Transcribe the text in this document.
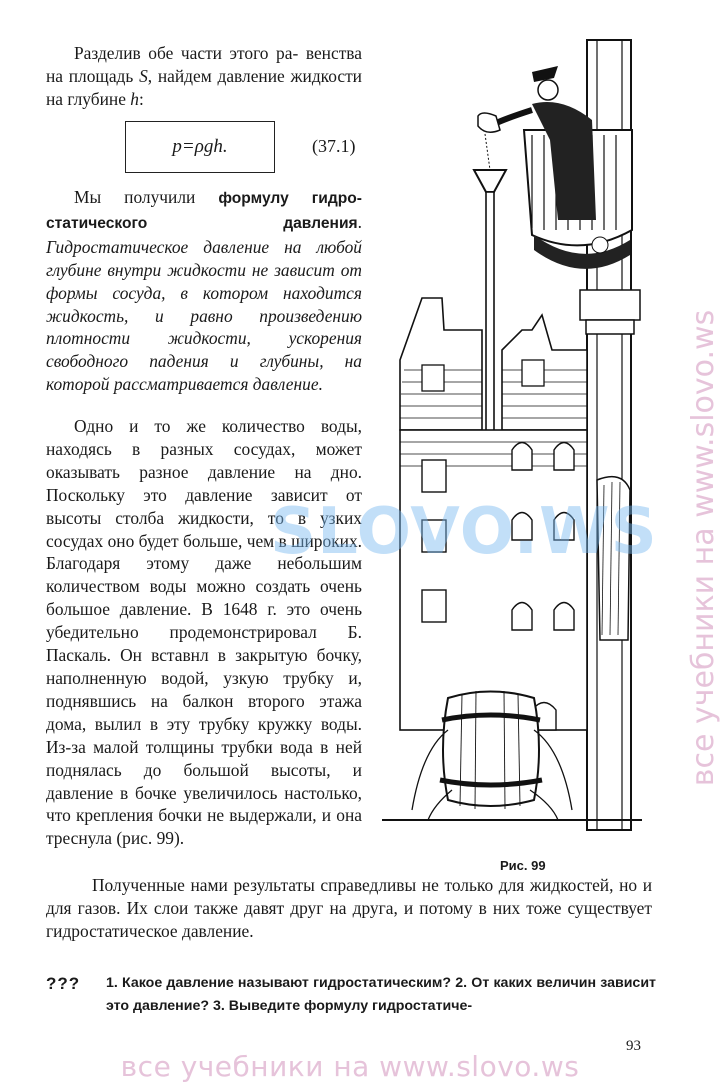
Разделив обе части этого ра- венства на площадь S, найдем давление жидкости на глубине h:

p=ρgh.	(37.1)

Мы получили формулу гидро- статического давления. Гидростатическое давление на любой глубине внутри жидкости не зависит от формы сосуда, в котором находится жидкость, и равно произведению плотности жидкости, ускорения свободного падения и глубины, на которой рассматривается давление.

Одно и то же количество воды, находясь в разных сосудах, может оказывать разное давление на дно. Поскольку это давление зависит от высоты столба жидкости, то в узких сосудах оно будет больше, чем в широких. Благодаря этому даже небольшим количеством воды можно создать очень большое давление. В 1648 г. это очень убедительно продемонстрировал Б. Паскаль. Он вставнл в закрытую бочку, наполненную водой, узкую трубку и, поднявшись на балкон второго этажа дома, вылил в эту трубку кружку воды. Из-за малой толщины трубки вода в ней поднялась до большой высоты, и давление в бочке увеличилось настолько, что крепления бочки не выдержали, и она треснула (рис. 99).

Полученные нами результаты справедливы не только для жидкостей, но и для газов. Их слои также давят друг на друга, и потому в них тоже существует гидростатическое давление.
??? 1. Какое давление называют гидростатическим? 2. От каких величин зависит это давление? 3. Выведите формулу гидростатиче-
Рис. 99
93
SLOVO.WS все учебники на www.slovo.ws
все учебники на www.slovo.ws
